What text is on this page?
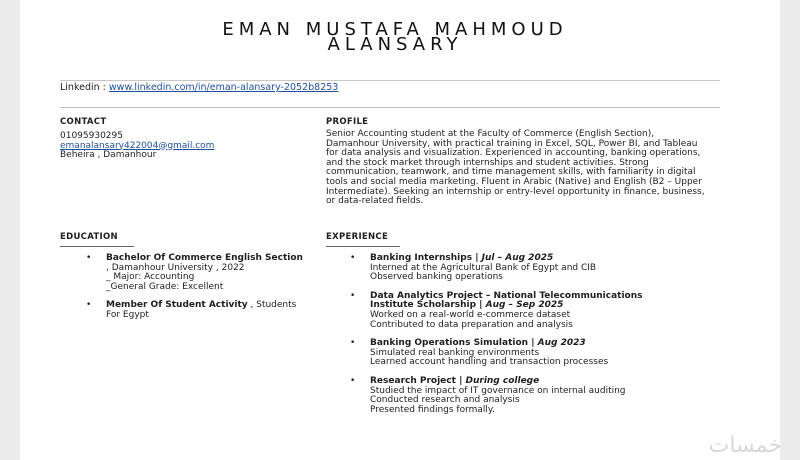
EMAN MUSTAFA MAHMOUD
ALANSARY
Linkedin : www.linkedin.com/in/eman-alansary-2052b8253
CONTACT
01095930295
emanalansary422004@gmail.com
Beheira , Damanhour
PROFILE
Senior Accounting student at the Faculty of Commerce (English Section), Damanhour University, with practical training in Excel, SQL, Power BI, and Tableau for data analysis and visualization. Experienced in accounting, banking operations, and the stock market through internships and student activities. Strong communication, teamwork, and time management skills, with familiarity in digital tools and social media marketing. Fluent in Arabic (Native) and English (B2 – Upper Intermediate). Seeking an internship or entry-level opportunity in finance, business, or data-related fields.
EDUCATION
• Bachelor Of Commerce English Section , Damanhour University , 2022
_ Major: Accounting
_General Grade: Excellent
• Member Of Student Activity , Students For Egypt
EXPERIENCE
• Banking Internships | Jul – Aug 2025
Interned at the Agricultural Bank of Egypt and CIB
Observed banking operations
• Data Analytics Project – National Telecommunications Institute Scholarship | Aug – Sep 2025
Worked on a real-world e-commerce dataset
Contributed to data preparation and analysis
• Banking Operations Simulation | Aug 2023
Simulated real banking environments
Learned account handling and transaction processes
• Research Project | During college
Studied the impact of IT governance on internal auditing
Conducted research and analysis
Presented findings formally.
خمسات
